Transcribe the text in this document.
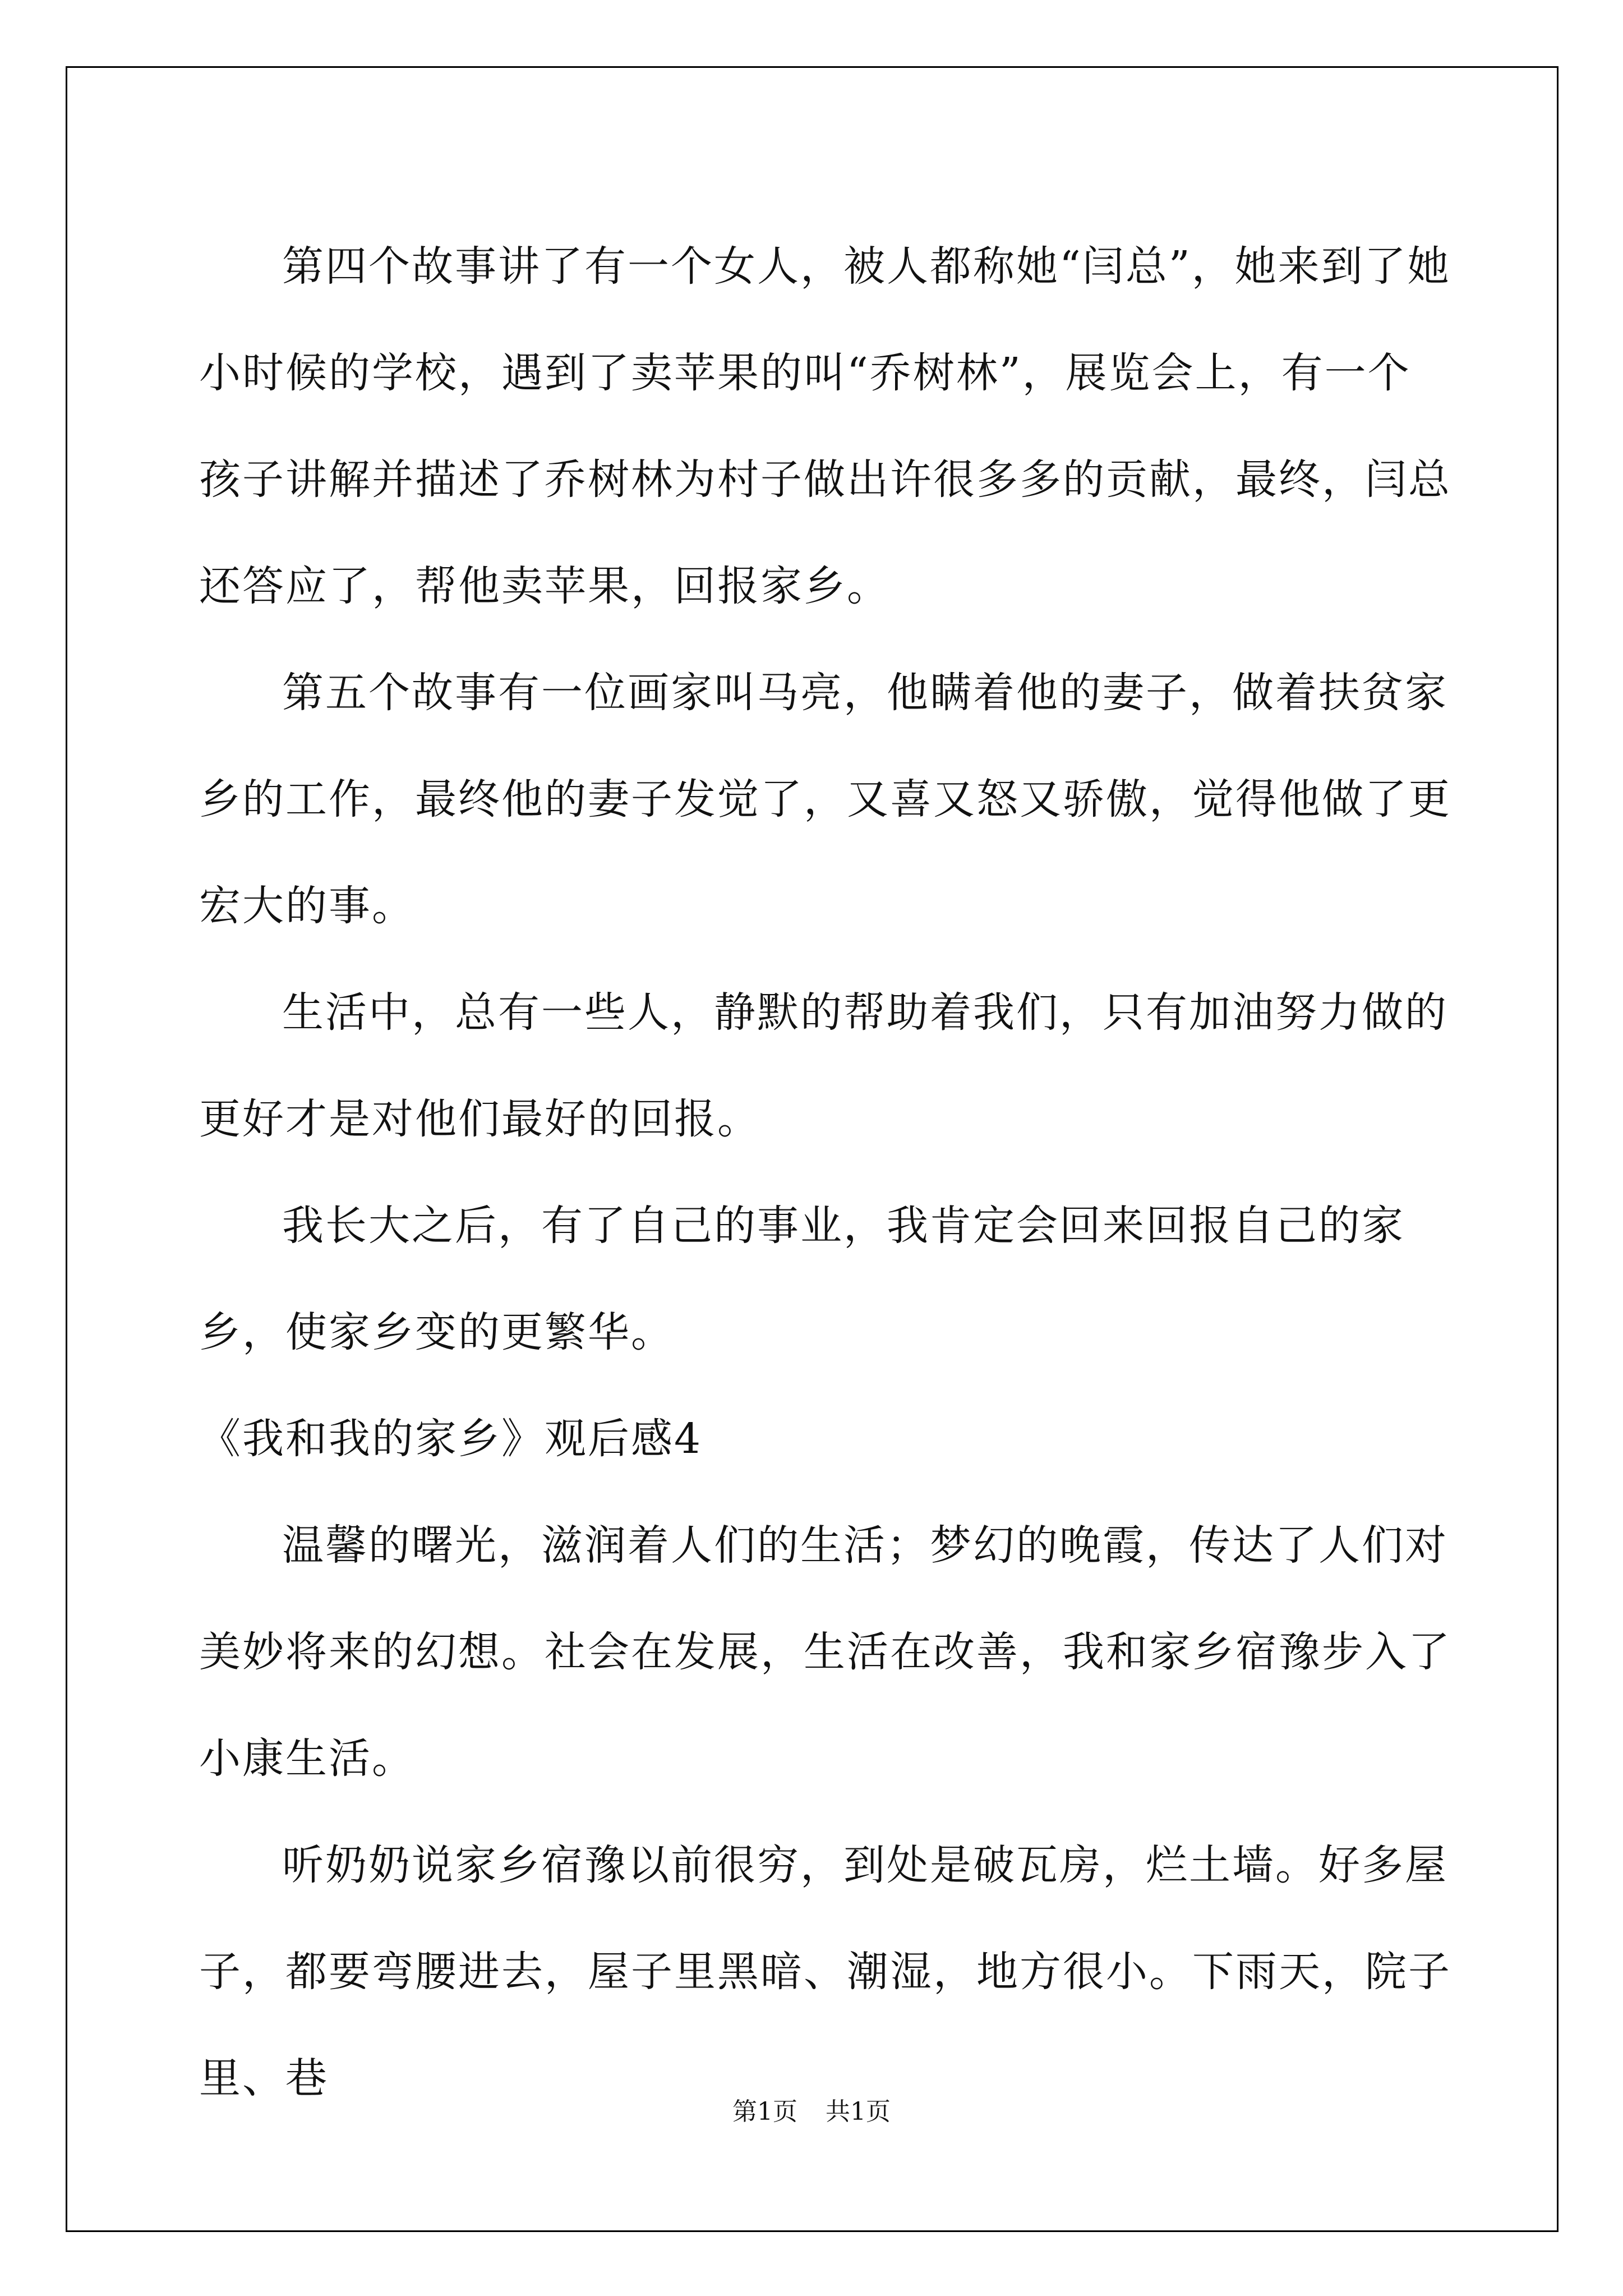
第四个故事讲了有一个女人，被人都称她“闫总”，她来到了她小时候的学校，遇到了卖苹果的叫“乔树林”，展览会上，有一个孩子讲解并描述了乔树林为村子做出许很多多的贡献，最终，闫总还答应了，帮他卖苹果，回报家乡。

第五个故事有一位画家叫马亮，他瞒着他的妻子，做着扶贫家乡的工作，最终他的妻子发觉了，又喜又怒又骄傲，觉得他做了更宏大的事。

生活中，总有一些人，静默的帮助着我们，只有加油努力做的更好才是对他们最好的回报。

我长大之后，有了自己的事业，我肯定会回来回报自己的家乡，使家乡变的更繁华。

《我和我的家乡》观后感4

温馨的曙光，滋润着人们的生活；梦幻的晚霞，传达了人们对美妙将来的幻想。社会在发展，生活在改善，我和家乡宿豫步入了小康生活。

听奶奶说家乡宿豫以前很穷，到处是破瓦房，烂土墙。好多屋子，都要弯腰进去，屋子里黑暗、潮湿，地方很小。下雨天，院子里、巷

第1页 共1页
